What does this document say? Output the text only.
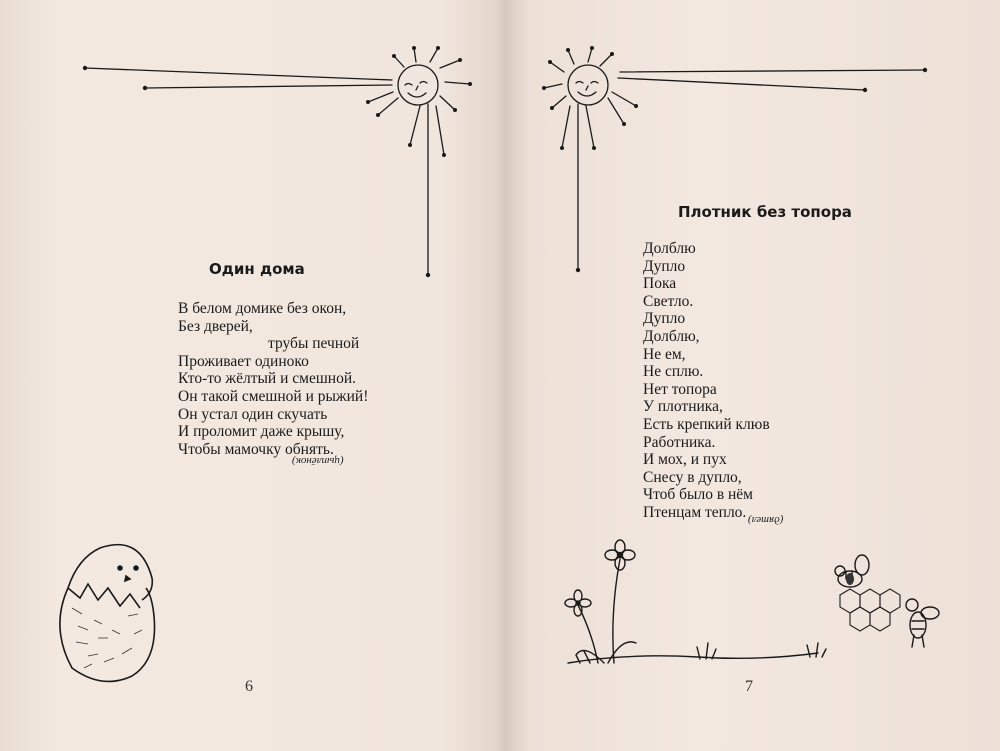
Один дома
В белом домике без окон,
Без дверей,
трубы печной
Проживает одиноко
Кто-то жёлтый и смешной.
Он такой смешной и рыжий!
Он устал один скучать
И проломит даже крышу,
Чтобы мамочку обнять.
(цыплёнок)
6
Плотник без топора
Долблю
Дупло
Пока
Светло.
Дупло
Долблю,
Не ем,
Не сплю.
Нет топора
У плотника,
Есть крепкий клюв
Работника.
И мох, и пух
Снесу в дупло,
Чтоб было в нём
Птенцам тепло. (дятел)
7
